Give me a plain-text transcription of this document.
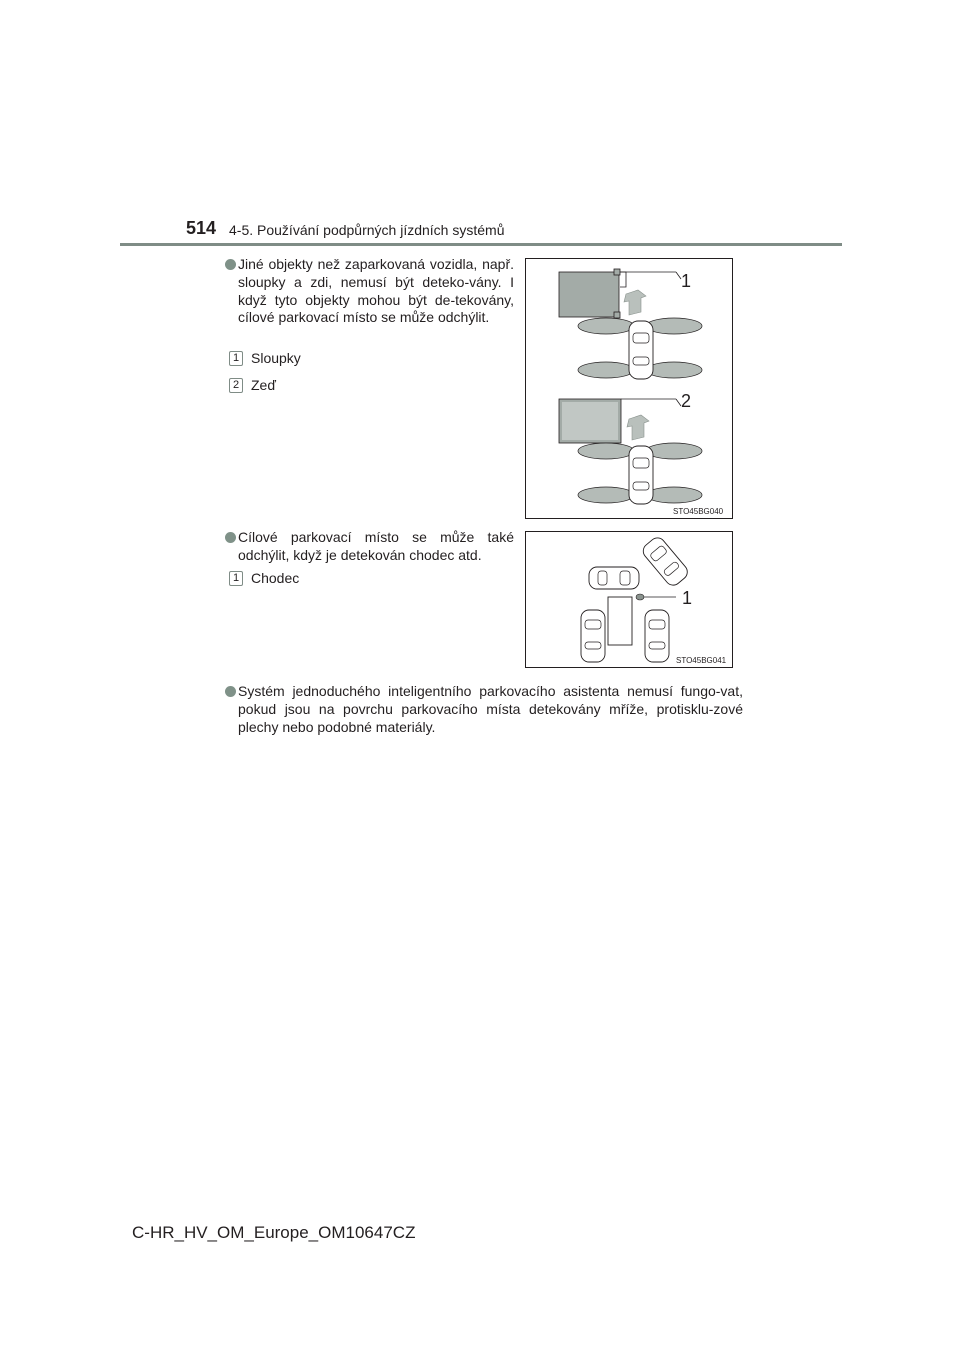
514 4-5. Používání podpůrných jízdních systémů
Jiné objekty než zaparkovaná vozidla, např. sloupky a zdi, nemusí být deteko-vány. I když tyto objekty mohou být de-tekovány, cílové parkovací místo se může odchýlit.
1 Sloupky
2 Zeď
1
2
STO45BG040
Cílové parkovací místo se může také odchýlit, když je detekován chodec atd.
1 Chodec
1
STO45BG041
Systém jednoduchého inteligentního parkovacího asistenta nemusí fungo-vat, pokud jsou na povrchu parkovacího místa detekovány mříže, protisklu-zové plechy nebo podobné materiály.
C-HR_HV_OM_Europe_OM10647CZ
